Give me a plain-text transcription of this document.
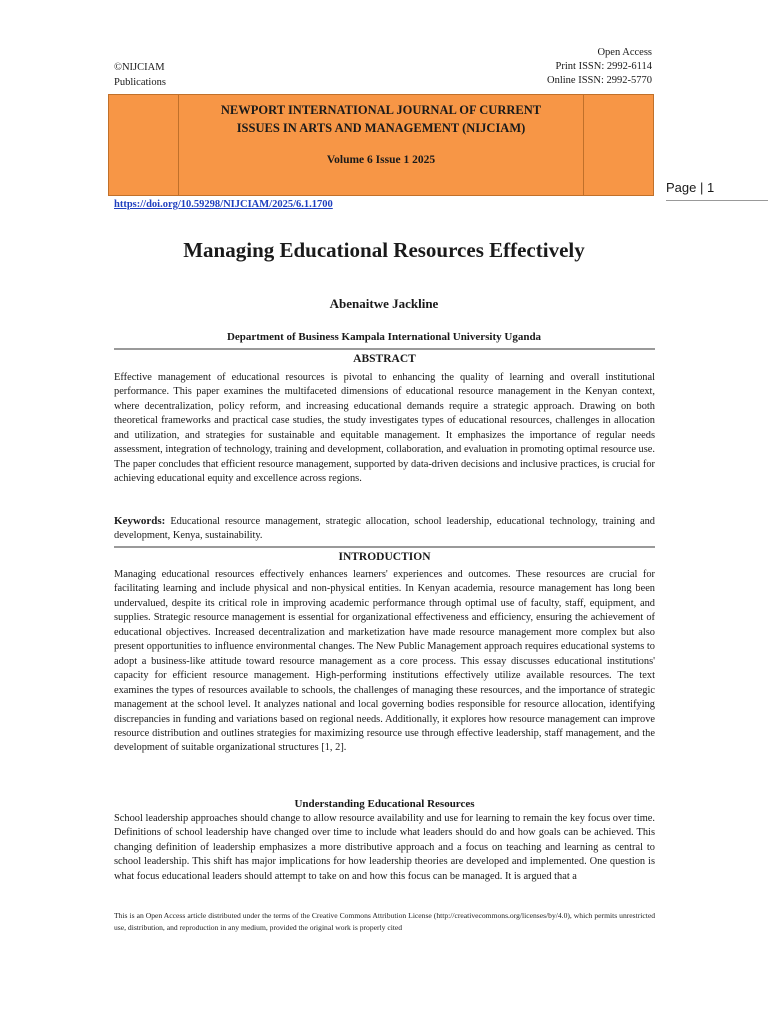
©NIJCIAM
Publications
Open Access
Print ISSN: 2992-6114
Online ISSN: 2992-5770
NEWPORT INTERNATIONAL JOURNAL OF CURRENT
ISSUES IN ARTS AND MANAGEMENT (NIJCIAM)
Volume 6 Issue 1 2025
Page | 1
https://doi.org/10.59298/NIJCIAM/2025/6.1.1700
Managing Educational Resources Effectively
Abenaitwe Jackline
Department of Business Kampala International University Uganda
ABSTRACT
Effective management of educational resources is pivotal to enhancing the quality of learning and overall institutional performance. This paper examines the multifaceted dimensions of educational resource management in the Kenyan context, where decentralization, policy reform, and increasing educational demands require a strategic approach. Drawing on both theoretical frameworks and practical case studies, the study investigates types of educational resources, challenges in allocation and utilization, and strategies for sustainable and equitable management. It emphasizes the importance of regular needs assessment, integration of technology, training and development, collaboration, and evaluation in promoting optimal resource use. The paper concludes that efficient resource management, supported by data-driven decisions and inclusive practices, is crucial for achieving educational equity and excellence across regions.
Keywords: Educational resource management, strategic allocation, school leadership, educational technology, training and development, Kenya, sustainability.
INTRODUCTION
Managing educational resources effectively enhances learners' experiences and outcomes. These resources are crucial for facilitating learning and include physical and non-physical entities. In Kenyan academia, resource management has long been undervalued, despite its critical role in improving academic performance through optimal use of faculty, staff, equipment, and supplies. Strategic resource management is essential for organizational effectiveness and efficiency, ensuring the achievement of educational objectives. Increased decentralization and marketization have made resource management more complex but also present opportunities to influence environmental changes. The New Public Management approach requires educational systems to adopt a business-like attitude toward resource management as a core process. This essay discusses educational institutions' capacity for efficient resource management. High-performing institutions effectively utilize available resources. The text examines the types of resources available to schools, the challenges of managing these resources, and the importance of strategic management at the school level. It analyzes national and local governing bodies responsible for resource allocation, identifying discrepancies in funding and variations based on regional needs. Additionally, it explores how resource management can improve resource distribution and outlines strategies for maximizing resource use through effective leadership, staff management, and the development of suitable organizational structures [1, 2].
Understanding Educational Resources
School leadership approaches should change to allow resource availability and use for learning to remain the key focus over time. Definitions of school leadership have changed over time to include what leaders should do and how goals can be achieved. This changing definition of leadership emphasizes a more distributive approach and a focus on teaching and learning as central to school leadership. This shift has major implications for how leadership theories are developed and implemented. One question is what focus educational leaders should attempt to take on and how this focus can be managed. It is argued that a
This is an Open Access article distributed under the terms of the Creative Commons Attribution License (http://creativecommons.org/licenses/by/4.0), which permits unrestricted use, distribution, and reproduction in any medium, provided the original work is properly cited
